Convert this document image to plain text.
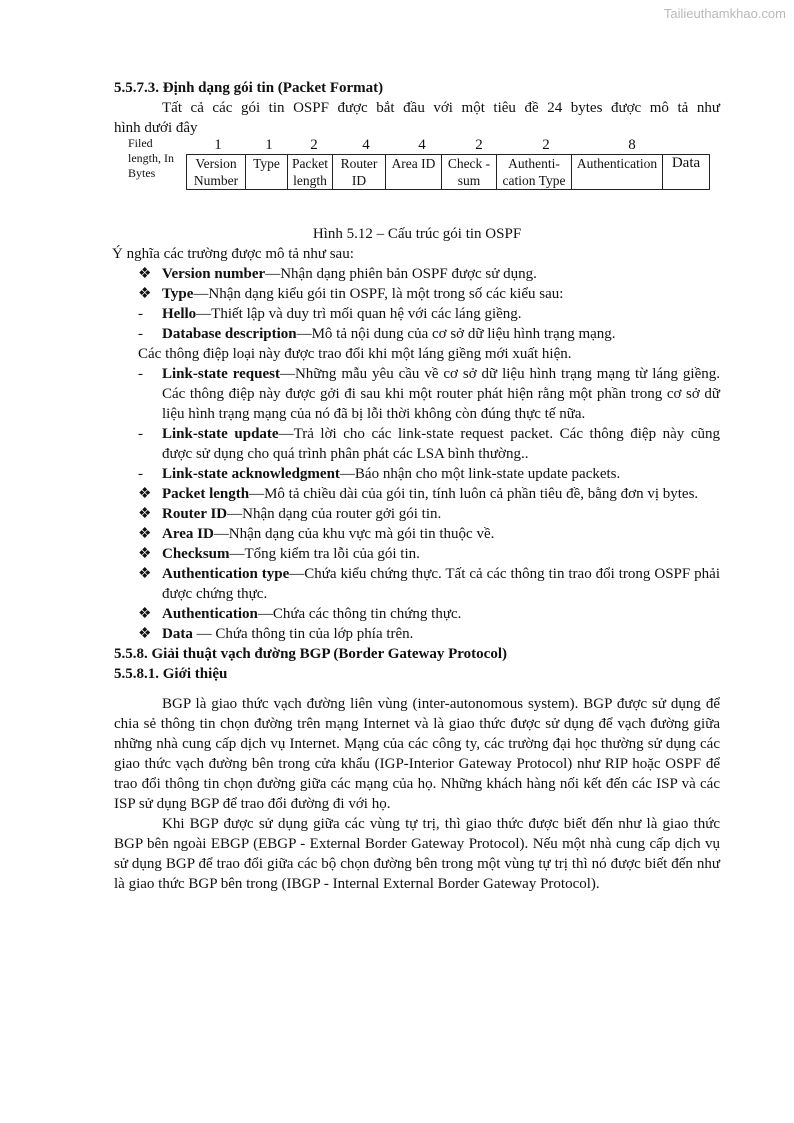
Tailieuthamkhao.com
5.5.7.3. Định dạng gói tin (Packet Format)
Tất cả các gói tin OSPF được bắt đầu với một tiêu đề 24 bytes được mô tả như
hình dưới đây
Filed length, In Bytes
1	1	2	4	4	2	2	8
Version Number	Type	Packet length	Router ID	Area ID	Check - sum	Authenti- cation Type	Authentication	Data
Hình 5.12 – Cấu trúc gói tin OSPF
Ý nghĩa các trường được mô tả như sau:
❖ Version number—Nhận dạng phiên bản OSPF được sử dụng.
❖ Type—Nhận dạng kiểu gói tin OSPF, là một trong số các kiểu sau:
- Hello—Thiết lập và duy trì mối quan hệ với các láng giềng.
- Database description—Mô tả nội dung của cơ sở dữ liệu hình trạng mạng.
Các thông điệp loại này được trao đổi khi một láng giềng mới xuất hiện.
- Link-state request—Những mẫu yêu cầu về cơ sở dữ liệu hình trạng mạng từ láng giềng. Các thông điệp này được gởi đi sau khi một router phát hiện rằng một phần trong cơ sở dữ liệu hình trạng mạng của nó đã bị lỗi thời không còn đúng thực tế nữa.
- Link-state update—Trả lời cho các link-state request packet. Các thông điệp này cũng được sử dụng cho quá trình phân phát các LSA bình thường..
- Link-state acknowledgment—Báo nhận cho một link-state update packets.
❖ Packet length—Mô tả chiều dài của gói tin, tính luôn cả phần tiêu đề, bằng đơn vị bytes.
❖ Router ID—Nhận dạng của router gởi gói tin.
❖ Area ID—Nhận dạng của khu vực mà gói tin thuộc về.
❖ Checksum—Tổng kiểm tra lỗi của gói tin.
❖ Authentication type—Chứa kiểu chứng thực. Tất cả các thông tin trao đổi trong OSPF phải được chứng thực.
❖ Authentication—Chứa các thông tin chứng thực.
❖ Data — Chứa thông tin của lớp phía trên.
5.5.8. Giải thuật vạch đường BGP (Border Gateway Protocol)
5.5.8.1. Giới thiệu
BGP là giao thức vạch đường liên vùng (inter-autonomous system). BGP được sử dụng để chia sẻ thông tin chọn đường trên mạng Internet và là giao thức được sử dụng để vạch đường giữa những nhà cung cấp dịch vụ Internet. Mạng của các công ty, các trường đại học thường sử dụng các giao thức vạch đường bên trong cửa khẩu (IGP-Interior Gateway Protocol) như RIP hoặc OSPF để trao đổi thông tin chọn đường giữa các mạng của họ. Những khách hàng nối kết đến các ISP và các ISP sử dụng BGP để trao đổi đường đi với họ.
Khi BGP được sử dụng giữa các vùng tự trị, thì giao thức được biết đến như là giao thức BGP bên ngoài EBGP (EBGP - External Border Gateway Protocol). Nếu một nhà cung cấp dịch vụ sử dụng BGP để trao đổi giữa các bộ chọn đường bên trong một vùng tự trị thì nó được biết đến như là giao thức BGP bên trong (IBGP - Internal External Border Gateway Protocol).
